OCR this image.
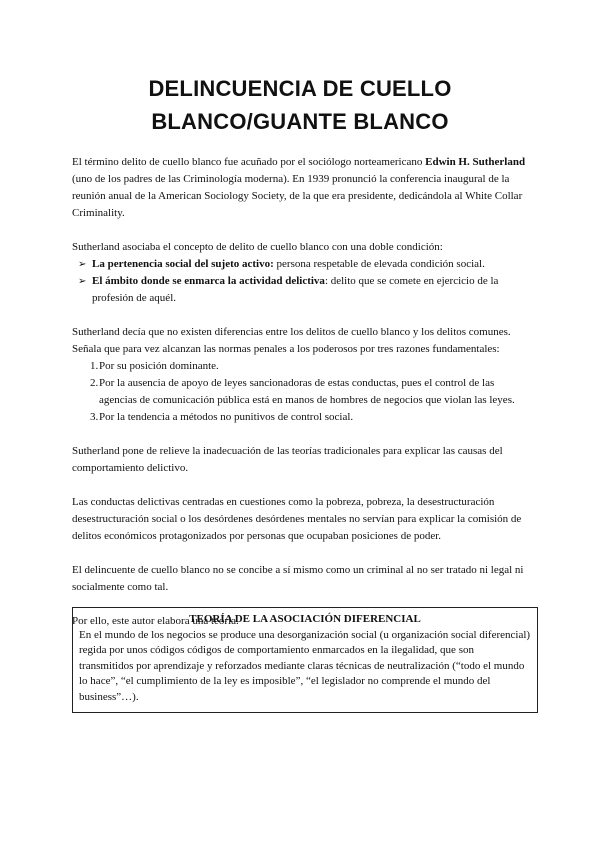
DELINCUENCIA DE CUELLO
BLANCO/GUANTE BLANCO

El término delito de cuello blanco fue acuñado por el sociólogo norteamericano Edwin H. Sutherland (uno de los padres de las Criminología moderna). En 1939 pronunció la conferencia inaugural de la reunión anual de la American Sociology Society, de la que era presidente, dedicándola al White Collar Criminality.

Sutherland asociaba el concepto de delito de cuello blanco con una doble condición:

➢ La pertenencia social del sujeto activo: persona respetable de elevada condición social.
➢ El ámbito donde se enmarca la actividad delictiva: delito que se comete en ejercicio de la profesión de aquél.

Sutherland decía que no existen diferencias entre los delitos de cuello blanco y los delitos comunes. Señala que para vez alcanzan las normas penales a los poderosos por tres razones fundamentales:

1. Por su posición dominante.
2. Por la ausencia de apoyo de leyes sancionadoras de estas conductas, pues el control de las agencias de comunicación pública está en manos de hombres de negocios que violan las leyes.
3. Por la tendencia a métodos no punitivos de control social.

Sutherland pone de relieve la inadecuación de las teorías tradicionales para explicar las causas del comportamiento delictivo.

Las conductas delictivas centradas en cuestiones como la pobreza, pobreza, la desestructuración desestructuración social o los desórdenes desórdenes mentales no servían para explicar la comisión de delitos económicos protagonizados por personas que ocupaban posiciones de poder.

El delincuente de cuello blanco no se concibe a sí mismo como un criminal al no ser tratado ni legal ni socialmente como tal.

Por ello, este autor elabora una teoría.

TEORÍA DE LA ASOCIACIÓN DIFERENCIAL
En el mundo de los negocios se produce una desorganización social (u organización social diferencial) regida por unos códigos códigos de comportamiento enmarcados en la ilegalidad, que son transmitidos por aprendizaje y reforzados mediante claras técnicas de neutralización (“todo el mundo lo hace”, “el cumplimiento de la ley es imposible”, “el legislador no comprende el mundo del business”…).
